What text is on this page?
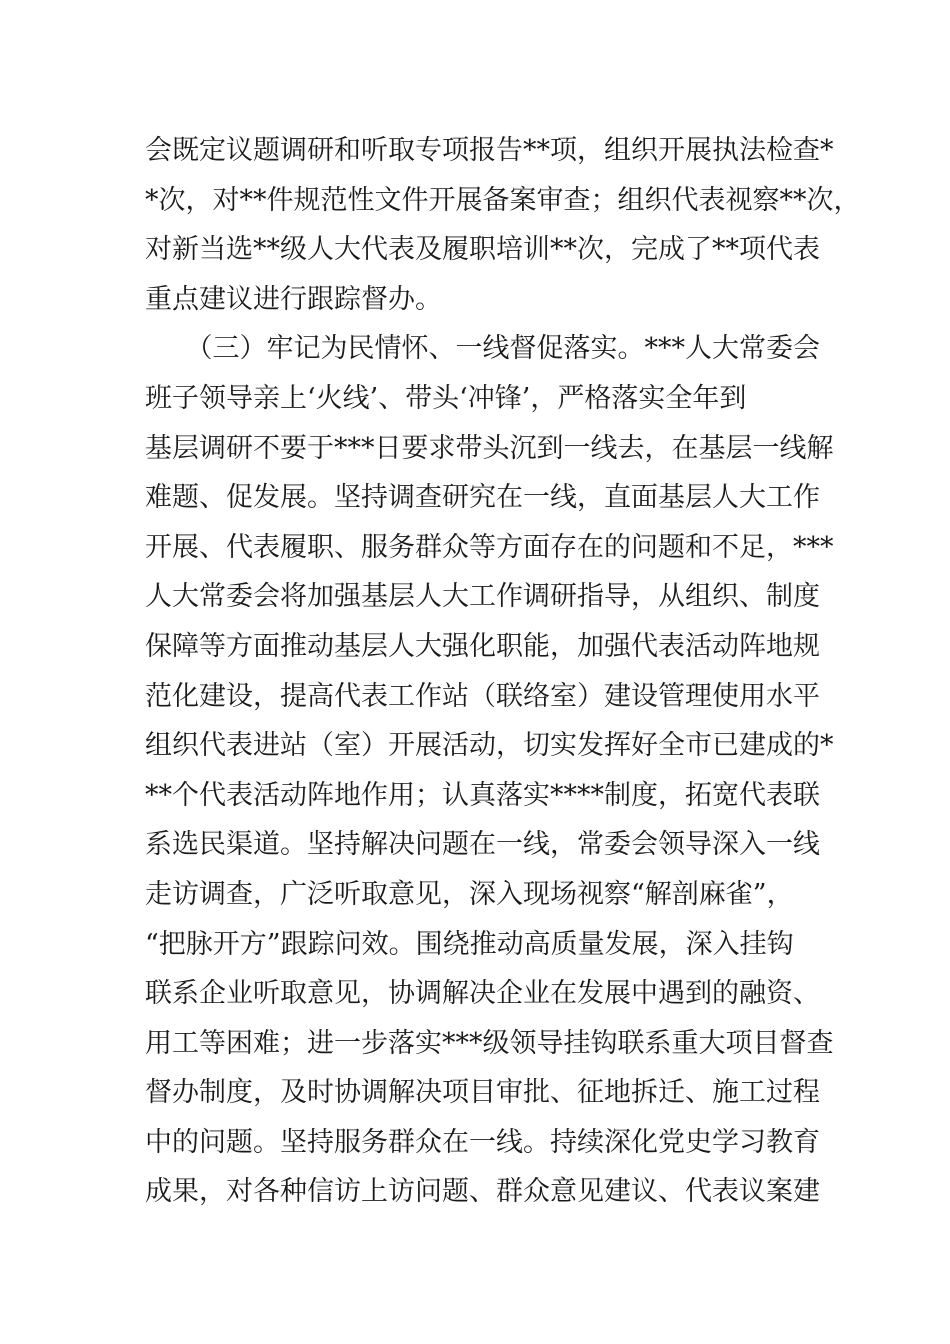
会既定议题调研和听取专项报告**项，组织开展执法检查*
*次，对**件规范性文件开展备案审查；组织代表视察**次，
对新当选**级人大代表及履职培训**次，完成了**项代表
重点建议进行跟踪督办。
　　（三）牢记为民情怀、一线督促落实。***人大常委会
班子领导亲上‘火线’、带头‘冲锋’，严格落实全年到
基层调研不要于***日要求带头沉到一线去，在基层一线解
难题、促发展。坚持调查研究在一线，直面基层人大工作
开展、代表履职、服务群众等方面存在的问题和不足，***
人大常委会将加强基层人大工作调研指导，从组织、制度
保障等方面推动基层人大强化职能，加强代表活动阵地规
范化建设，提高代表工作站（联络室）建设管理使用水平
组织代表进站（室）开展活动，切实发挥好全市已建成的*
**个代表活动阵地作用；认真落实****制度，拓宽代表联
系选民渠道。坚持解决问题在一线，常委会领导深入一线
走访调查，广泛听取意见，深入现场视察“解剖麻雀”，
“把脉开方”跟踪问效。围绕推动高质量发展，深入挂钩
联系企业听取意见，协调解决企业在发展中遇到的融资、
用工等困难；进一步落实***级领导挂钩联系重大项目督查
督办制度，及时协调解决项目审批、征地拆迁、施工过程
中的问题。坚持服务群众在一线。持续深化党史学习教育
成果，对各种信访上访问题、群众意见建议、代表议案建
